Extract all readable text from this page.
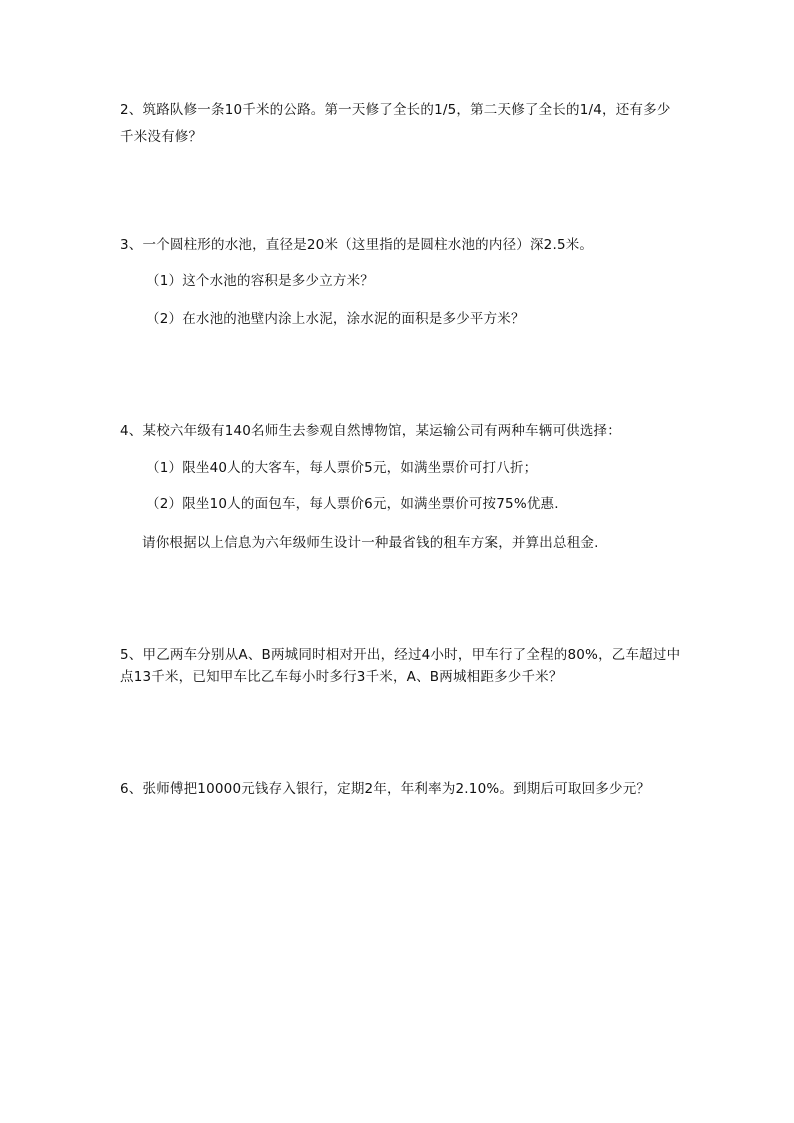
2、筑路队修一条10千米的公路。第一天修了全长的1/5，第二天修了全长的1/4，还有多少
千米没有修？
3、一个圆柱形的水池，直径是20米（这里指的是圆柱水池的内径）深2.5米。
（1）这个水池的容积是多少立方米？
（2）在水池的池壁内涂上水泥，涂水泥的面积是多少平方米？
4、某校六年级有140名师生去参观自然博物馆，某运输公司有两种车辆可供选择：
（1）限坐40人的大客车，每人票价5元，如满坐票价可打八折；
（2）限坐10人的面包车，每人票价6元，如满坐票价可按75%优惠.
请你根据以上信息为六年级师生设计一种最省钱的租车方案，并算出总租金.
5、甲乙两车分别从A、B两城同时相对开出，经过4小时，甲车行了全程的80%，乙车超过中
点13千米，已知甲车比乙车每小时多行3千米，A、B两城相距多少千米？
6、张师傅把10000元钱存入银行，定期2年，年利率为2.10%。到期后可取回多少元？
